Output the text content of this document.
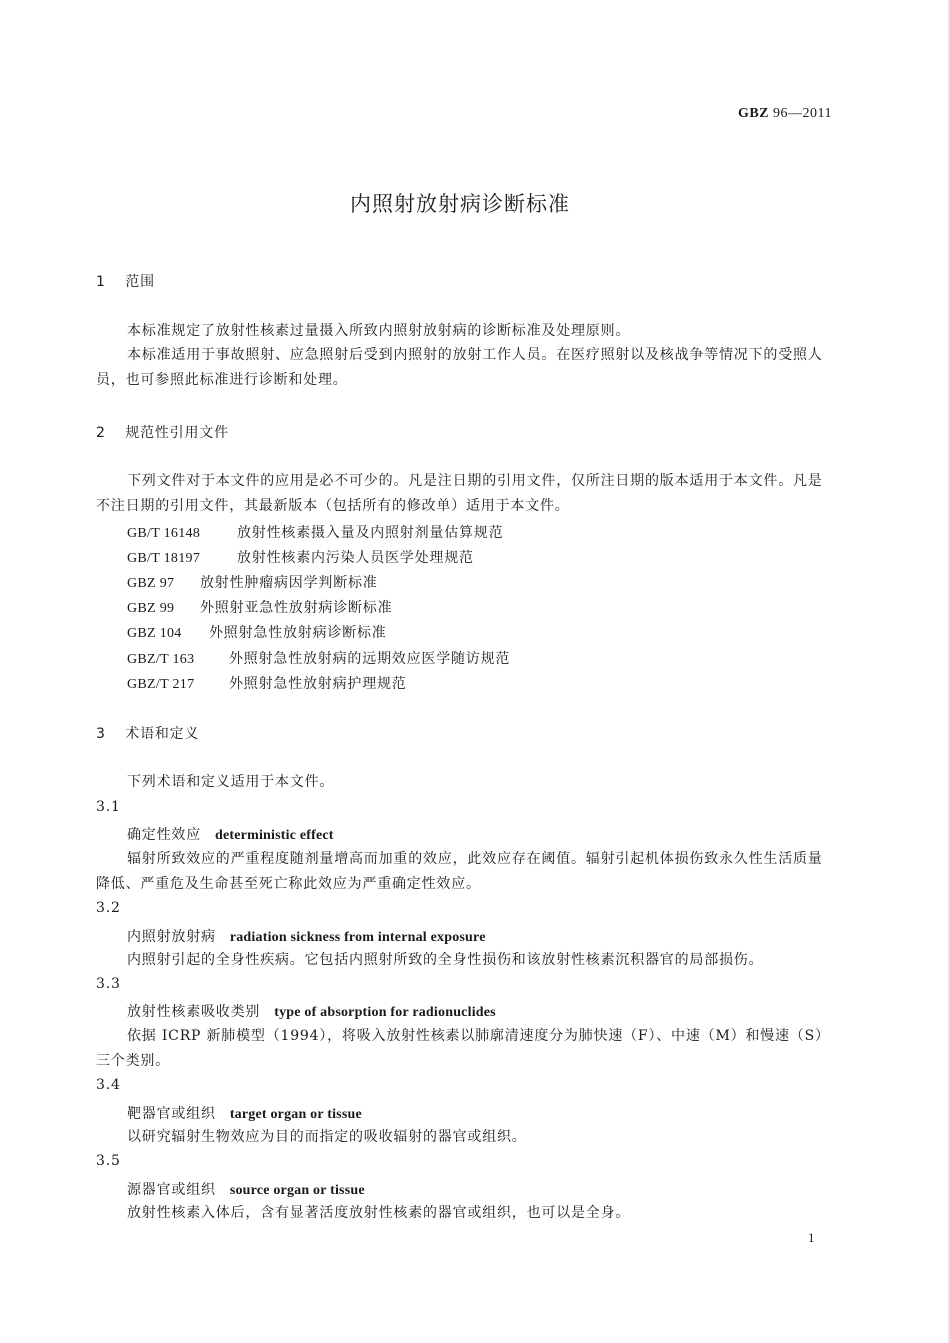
GBZ 96—2011
内照射放射病诊断标准
1 范围

本标准规定了放射性核素过量摄入所致内照射放射病的诊断标准及处理原则。

本标准适用于事故照射、应急照射后受到内照射的放射工作人员。在医疗照射以及核战争等情况下的受照人员，也可参照此标准进行诊断和处理。

2 规范性引用文件

下列文件对于本文件的应用是必不可少的。凡是注日期的引用文件，仅所注日期的版本适用于本文件。凡是不注日期的引用文件，其最新版本（包括所有的修改单）适用于本文件。

GB/T 16148	放射性核素摄入量及内照射剂量估算规范
GB/T 18197	放射性核素内污染人员医学处理规范
GBZ 97 放射性肿瘤病因学判断标准
GBZ 99 外照射亚急性放射病诊断标准
GBZ 104 外照射急性放射病诊断标准
GBZ/T 163 外照射急性放射病的远期效应医学随访规范
GBZ/T 217 外照射急性放射病护理规范
3 术语和定义

下列术语和定义适用于本文件。

3.1
确定性效应 deterministic effect

辐射所致效应的严重程度随剂量增高而加重的效应，此效应存在阈值。辐射引起机体损伤致永久性生活质量降低、严重危及生命甚至死亡称此效应为严重确定性效应。

3.2
内照射放射病 radiation sickness from internal exposure

内照射引起的全身性疾病。它包括内照射所致的全身性损伤和该放射性核素沉积器官的局部损伤。

3.3
放射性核素吸收类别 type of absorption for radionuclides

依据 ICRP 新肺模型（1994），将吸入放射性核素以肺廓清速度分为肺快速（F）、中速（M）和慢速（S）三个类别。

3.4
靶器官或组织 target organ or tissue

以研究辐射生物效应为目的而指定的吸收辐射的器官或组织。

3.5
源器官或组织 source organ or tissue

放射性核素入体后，含有显著活度放射性核素的器官或组织，也可以是全身。

1
